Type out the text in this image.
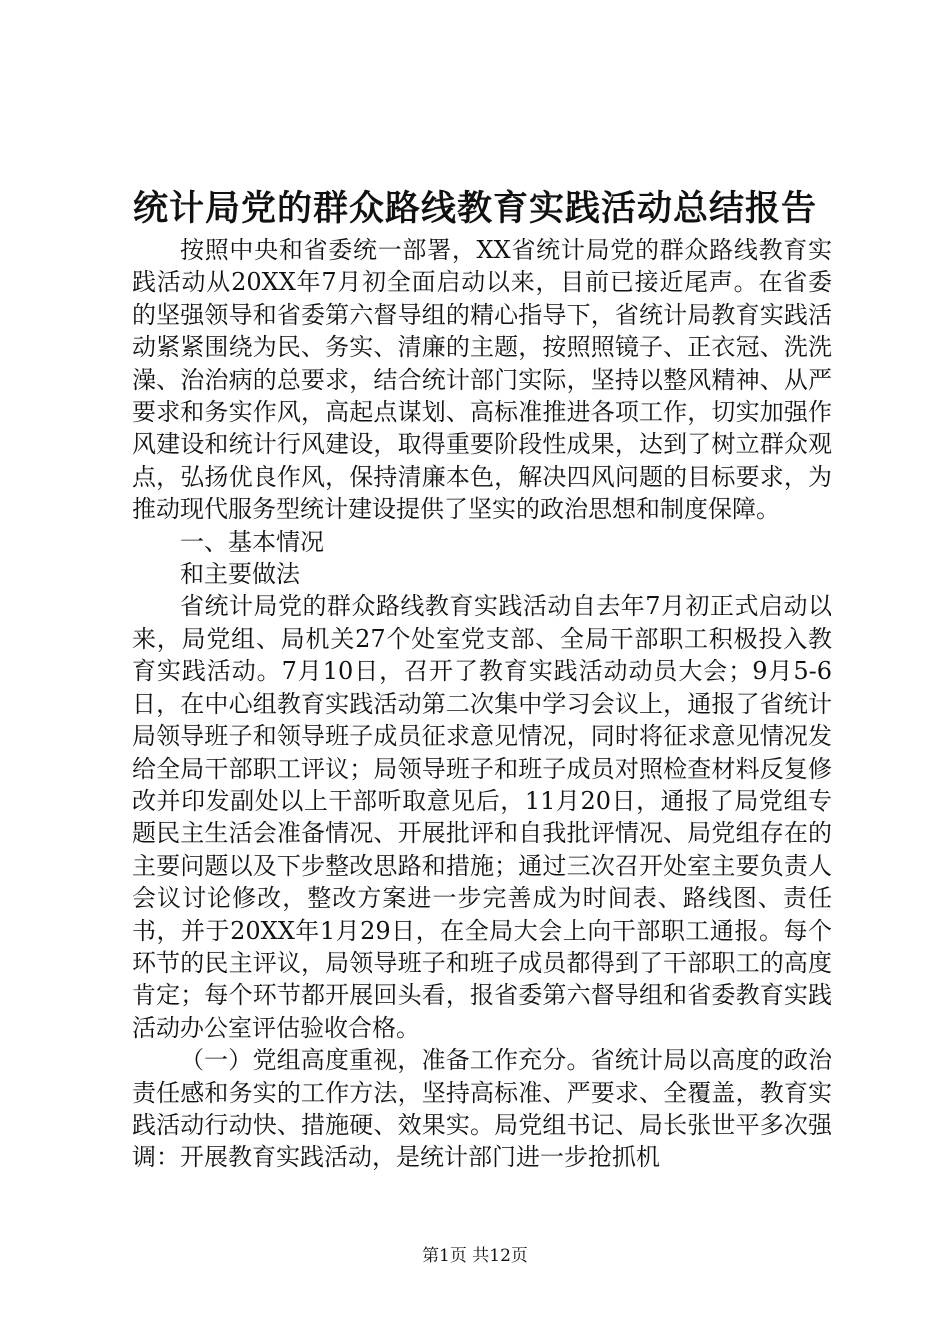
统计局党的群众路线教育实践活动总结报告

按照中央和省委统一部署，XX省统计局党的群众路线教育实践活动从20XX年7月初全面启动以来，目前已接近尾声。在省委的坚强领导和省委第六督导组的精心指导下，省统计局教育实践活动紧紧围绕为民、务实、清廉的主题，按照照镜子、正衣冠、洗洗澡、治治病的总要求，结合统计部门实际，坚持以整风精神、从严要求和务实作风，高起点谋划、高标准推进各项工作，切实加强作风建设和统计行风建设，取得重要阶段性成果，达到了树立群众观点，弘扬优良作风，保持清廉本色，解决四风问题的目标要求，为推动现代服务型统计建设提供了坚实的政治思想和制度保障。

一、基本情况

和主要做法

省统计局党的群众路线教育实践活动自去年7月初正式启动以来，局党组、局机关27个处室党支部、全局干部职工积极投入教育实践活动。7月10日，召开了教育实践活动动员大会；9月5-6日，在中心组教育实践活动第二次集中学习会议上，通报了省统计局领导班子和领导班子成员征求意见情况，同时将征求意见情况发给全局干部职工评议；局领导班子和班子成员对照检查材料反复修改并印发副处以上干部听取意见后，11月20日，通报了局党组专题民主生活会准备情况、开展批评和自我批评情况、局党组存在的主要问题以及下步整改思路和措施；通过三次召开处室主要负责人会议讨论修改，整改方案进一步完善成为时间表、路线图、责任书，并于20XX年1月29日，在全局大会上向干部职工通报。每个环节的民主评议，局领导班子和班子成员都得到了干部职工的高度肯定；每个环节都开展回头看，报省委第六督导组和省委教育实践活动办公室评估验收合格。

（一）党组高度重视，准备工作充分。省统计局以高度的政治责任感和务实的工作方法，坚持高标准、严要求、全覆盖，教育实践活动行动快、措施硬、效果实。局党组书记、局长张世平多次强调：开展教育实践活动，是统计部门进一步抢抓机

第1页 共12页
